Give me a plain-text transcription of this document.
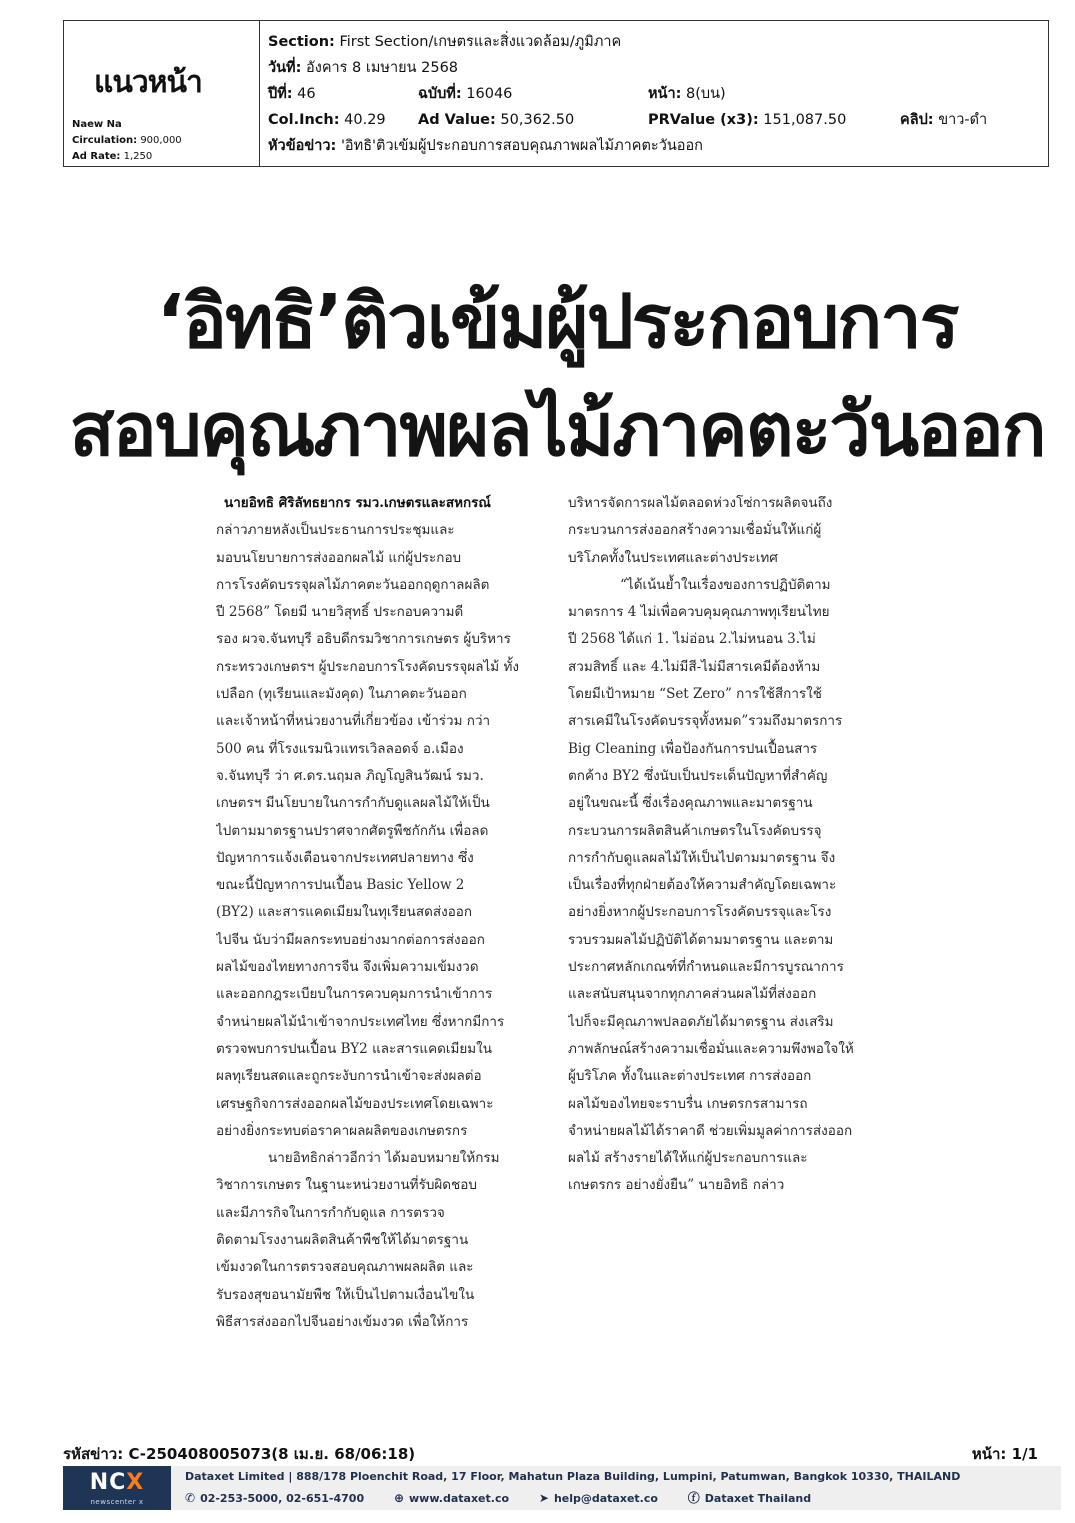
แนวหน้า
Naew Na
Circulation: 900,000
Ad Rate: 1,250
Section: First Section/เกษตรและสิ่งแวดล้อม/ภูมิภาค
วันที่: อังคาร 8 เมษายน 2568
ปีที่: 46	ฉบับที่: 16046	หน้า: 8(บน)
Col.Inch: 40.29 Ad Value: 50,362.50	PRValue (x3): 151,087.50	คลิป: ขาว-ดำ
หัวข้อข่าว: 'อิทธิ'ติวเข้มผู้ประกอบการสอบคุณภาพผลไม้ภาคตะวันออก
‘อิทธิ’ติวเข้มผู้ประกอบการ
สอบคุณภาพผลไม้ภาคตะวันออก
นายอิทธิ ศิริลัทธยากร รมว.เกษตรและสหกรณ์
กล่าวภายหลังเป็นประธานการประชุมและ
มอบนโยบายการส่งออกผลไม้ แก่ผู้ประกอบ
การโรงคัดบรรจุผลไม้ภาคตะวันออกฤดูกาลผลิต
ปี 2568” โดยมี นายวิสุทธิ์ ประกอบความดี
รอง ผวจ.จันทบุรี อธิบดีกรมวิชาการเกษตร ผู้บริหาร
กระทรวงเกษตรฯ ผู้ประกอบการโรงคัดบรรจุผลไม้ ทั้ง
เปลือก (ทุเรียนและมังคุด) ในภาคตะวันออก
และเจ้าหน้าที่หน่วยงานที่เกี่ยวข้อง เข้าร่วม กว่า
500 คน ที่โรงแรมนิวแทรเวิลลอดจ์ อ.เมือง
จ.จันทบุรี ว่า ศ.ดร.นฤมล ภิญโญสินวัฒน์ รมว.
เกษตรฯ มีนโยบายในการกำกับดูแลผลไม้ให้เป็น
ไปตามมาตรฐานปราศจากศัตรูพืชกักกัน เพื่อลด
ปัญหาการแจ้งเตือนจากประเทศปลายทาง ซึ่ง
ขณะนี้ปัญหาการปนเปื้อน Basic Yellow 2
(BY2) และสารแคดเมียมในทุเรียนสดส่งออก
ไปจีน นับว่ามีผลกระทบอย่างมากต่อการส่งออก
ผลไม้ของไทยทางการจีน จึงเพิ่มความเข้มงวด
และออกกฎระเบียบในการควบคุมการนำเข้าการ
จำหน่ายผลไม้นำเข้าจากประเทศไทย ซึ่งหากมีการ
ตรวจพบการปนเปื้อน BY2 และสารแคดเมียมใน
ผลทุเรียนสดและถูกระงับการนำเข้าจะส่งผลต่อ
เศรษฐกิจการส่งออกผลไม้ของประเทศโดยเฉพาะ
อย่างยิ่งกระทบต่อราคาผลผลิตของเกษตรกร
นายอิทธิกล่าวอีกว่า ได้มอบหมายให้กรม
วิชาการเกษตร ในฐานะหน่วยงานที่รับผิดชอบ
และมีภารกิจในการกำกับดูแล การตรวจ
ติดตามโรงงานผลิตสินค้าพืชให้ได้มาตรฐาน
เข้มงวดในการตรวจสอบคุณภาพผลผลิต และ
รับรองสุขอนามัยพืช ให้เป็นไปตามเงื่อนไขใน
พิธีสารส่งออกไปจีนอย่างเข้มงวด เพื่อให้การ
บริหารจัดการผลไม้ตลอดห่วงโซ่การผลิตจนถึง
กระบวนการส่งออกสร้างความเชื่อมั่นให้แก่ผู้
บริโภคทั้งในประเทศและต่างประเทศ
“ได้เน้นย้ำในเรื่องของการปฏิบัติตาม
มาตรการ 4 ไม่เพื่อควบคุมคุณภาพทุเรียนไทย
ปี 2568 ได้แก่ 1. ไม่อ่อน 2.ไม่หนอน 3.ไม่
สวมสิทธิ์ และ 4.ไม่มีสี-ไม่มีสารเคมีต้องห้าม
โดยมีเป้าหมาย “Set Zero” การใช้สีการใช้
สารเคมีในโรงคัดบรรจุทั้งหมด”รวมถึงมาตรการ
Big Cleaning เพื่อป้องกันการปนเปื้อนสาร
ตกค้าง BY2 ซึ่งนับเป็นประเด็นปัญหาที่สำคัญ
อยู่ในขณะนี้ ซึ่งเรื่องคุณภาพและมาตรฐาน
กระบวนการผลิตสินค้าเกษตรในโรงคัดบรรจุ
การกำกับดูแลผลไม้ให้เป็นไปตามมาตรฐาน จึง
เป็นเรื่องที่ทุกฝ่ายต้องให้ความสำคัญโดยเฉพาะ
อย่างยิ่งหากผู้ประกอบการโรงคัดบรรจุและโรง
รวบรวมผลไม้ปฏิบัติได้ตามมาตรฐาน และตาม
ประกาศหลักเกณฑ์ที่กำหนดและมีการบูรณาการ
และสนับสนุนจากทุกภาคส่วนผลไม้ที่ส่งออก
ไปก็จะมีคุณภาพปลอดภัยได้มาตรฐาน ส่งเสริม
ภาพลักษณ์สร้างความเชื่อมั่นและความพึงพอใจให้
ผู้บริโภค ทั้งในและต่างประเทศ การส่งออก
ผลไม้ของไทยจะราบรื่น เกษตรกรสามารถ
จำหน่ายผลไม้ได้ราคาดี ช่วยเพิ่มมูลค่าการส่งออก
ผลไม้ สร้างรายได้ให้แก่ผู้ประกอบการและ
เกษตรกร อย่างยั่งยืน” นายอิทธิ กล่าว
รหัสข่าว: C-250408005073(8 เม.ย. 68/06:18)	หน้า: 1/1
NCX
newscenter x
Dataxet Limited | 888/178 Ploenchit Road, 17 Floor, Mahatun Plaza Building, Lumpini, Patumwan, Bangkok 10330, THAILAND
✆ 02-253-5000, 02-651-4700 ⊕ www.dataxet.co ➤ help@dataxet.co ⓕ Dataxet Thailand
